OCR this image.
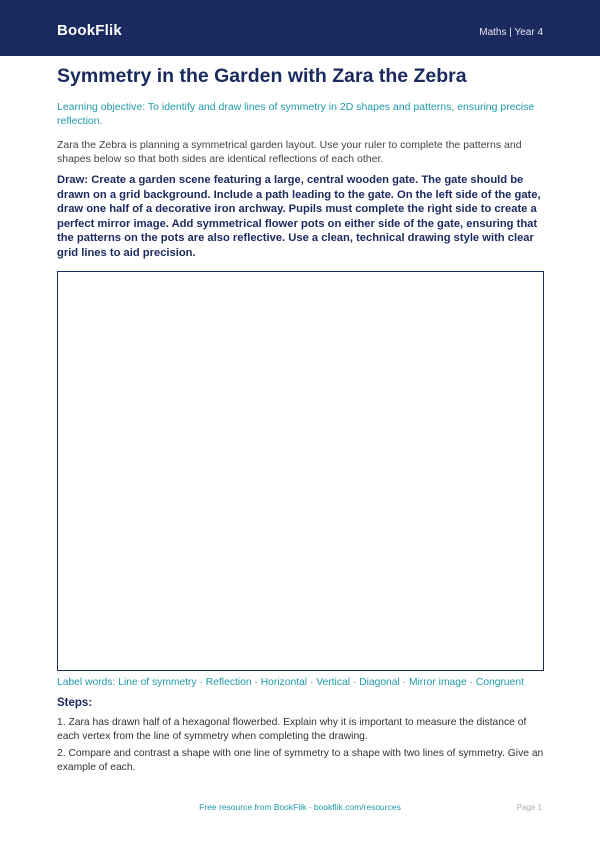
BookFlik	Maths | Year 4
Symmetry in the Garden with Zara the Zebra

Learning objective: To identify and draw lines of symmetry in 2D shapes and patterns, ensuring precise reflection.

Zara the Zebra is planning a symmetrical garden layout. Use your ruler to complete the patterns and shapes below so that both sides are identical reflections of each other.

Draw: Create a garden scene featuring a large, central wooden gate. The gate should be drawn on a grid background. Include a path leading to the gate. On the left side of the gate, draw one half of a decorative iron archway. Pupils must complete the right side to create a perfect mirror image. Add symmetrical flower pots on either side of the gate, ensuring that the patterns on the pots are also reflective. Use a clean, technical drawing style with clear grid lines to aid precision.

Label words: Line of symmetry · Reflection · Horizontal · Vertical · Diagonal · Mirror image · Congruent

Steps:
1. Zara has drawn half of a hexagonal flowerbed. Explain why it is important to measure the distance of each vertex from the line of symmetry when completing the drawing.
2. Compare and contrast a shape with one line of symmetry to a shape with two lines of symmetry. Give an example of each.
Free resource from BookFlik · bookflik.com/resources	Page 1
